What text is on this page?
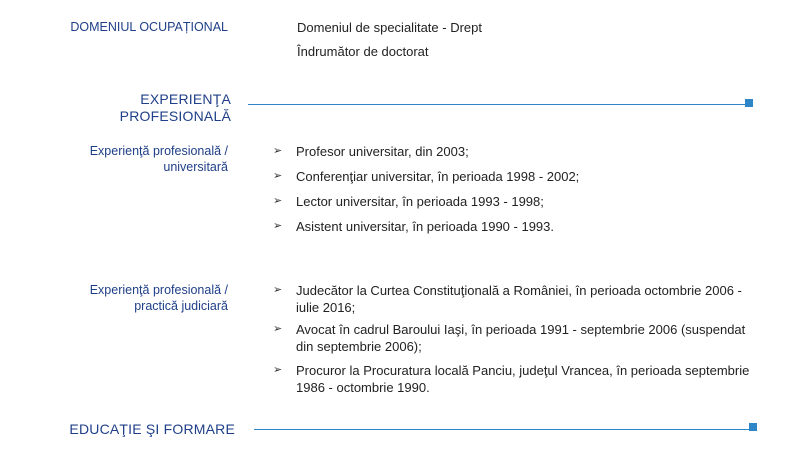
DOMENIUL OCUPAȚIONAL	Domeniul de specialitate - Drept
Îndrumător de doctorat
EXPERIENŢA
PROFESIONALĂ
Experienţă profesională /
universitară
➢ Profesor universitar, din 2003;
➢ Conferenţiar universitar, în perioada 1998 - 2002;
➢ Lector universitar, în perioada 1993 - 1998;
➢ Asistent universitar, în perioada 1990 - 1993.
Experienţă profesională /
practică judiciară
➢ Judecător la Curtea Constituţională a României, în perioada octombrie 2006 - iulie 2016;
➢ Avocat în cadrul Baroului Iaşi, în perioada 1991 - septembrie 2006 (suspendat din septembrie 2006);
➢ Procuror la Procuratura locală Panciu, judeţul Vrancea, în perioada septembrie 1986 - octombrie 1990.
EDUCAŢIE ŞI FORMARE
